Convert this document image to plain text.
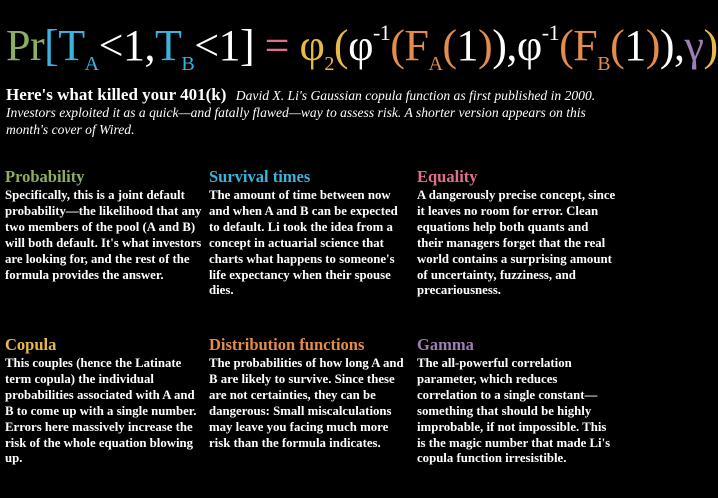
$Pr[T_A<1,T_B<1] = \varphi_2(\varphi^{-1}(F_A(1)),\varphi^{-1}(F_B(1)),\gamma)$
Here's what killed your 401(k) David X. Li's Gaussian copula function as first published in 2000. Investors exploited it as a quick—and fatally flawed—way to assess risk. A shorter version appears on this month's cover of Wired.
Probability

Specifically, this is a joint default probability—the likelihood that any two members of the pool (A and B) will both default. It's what investors are looking for, and the rest of the formula provides the answer.

Survival times

The amount of time between now and when A and B can be expected to default. Li took the idea from a concept in actuarial science that charts what happens to someone's life expectancy when their spouse dies.

Equality

A dangerously precise concept, since it leaves no room for error. Clean equations help both quants and their managers forget that the real world contains a surprising amount of uncertainty, fuzziness, and precariousness.

Copula

This couples (hence the Latinate term copula) the individual probabilities associated with A and B to come up with a single number. Errors here massively increase the risk of the whole equation blowing up.

Distribution functions

The probabilities of how long A and B are likely to survive. Since these are not certainties, they can be dangerous: Small miscalculations may leave you facing much more risk than the formula indicates.

Gamma

The all-powerful correlation parameter, which reduces correlation to a single constant—something that should be highly improbable, if not impossible. This is the magic number that made Li's copula function irresistible.
